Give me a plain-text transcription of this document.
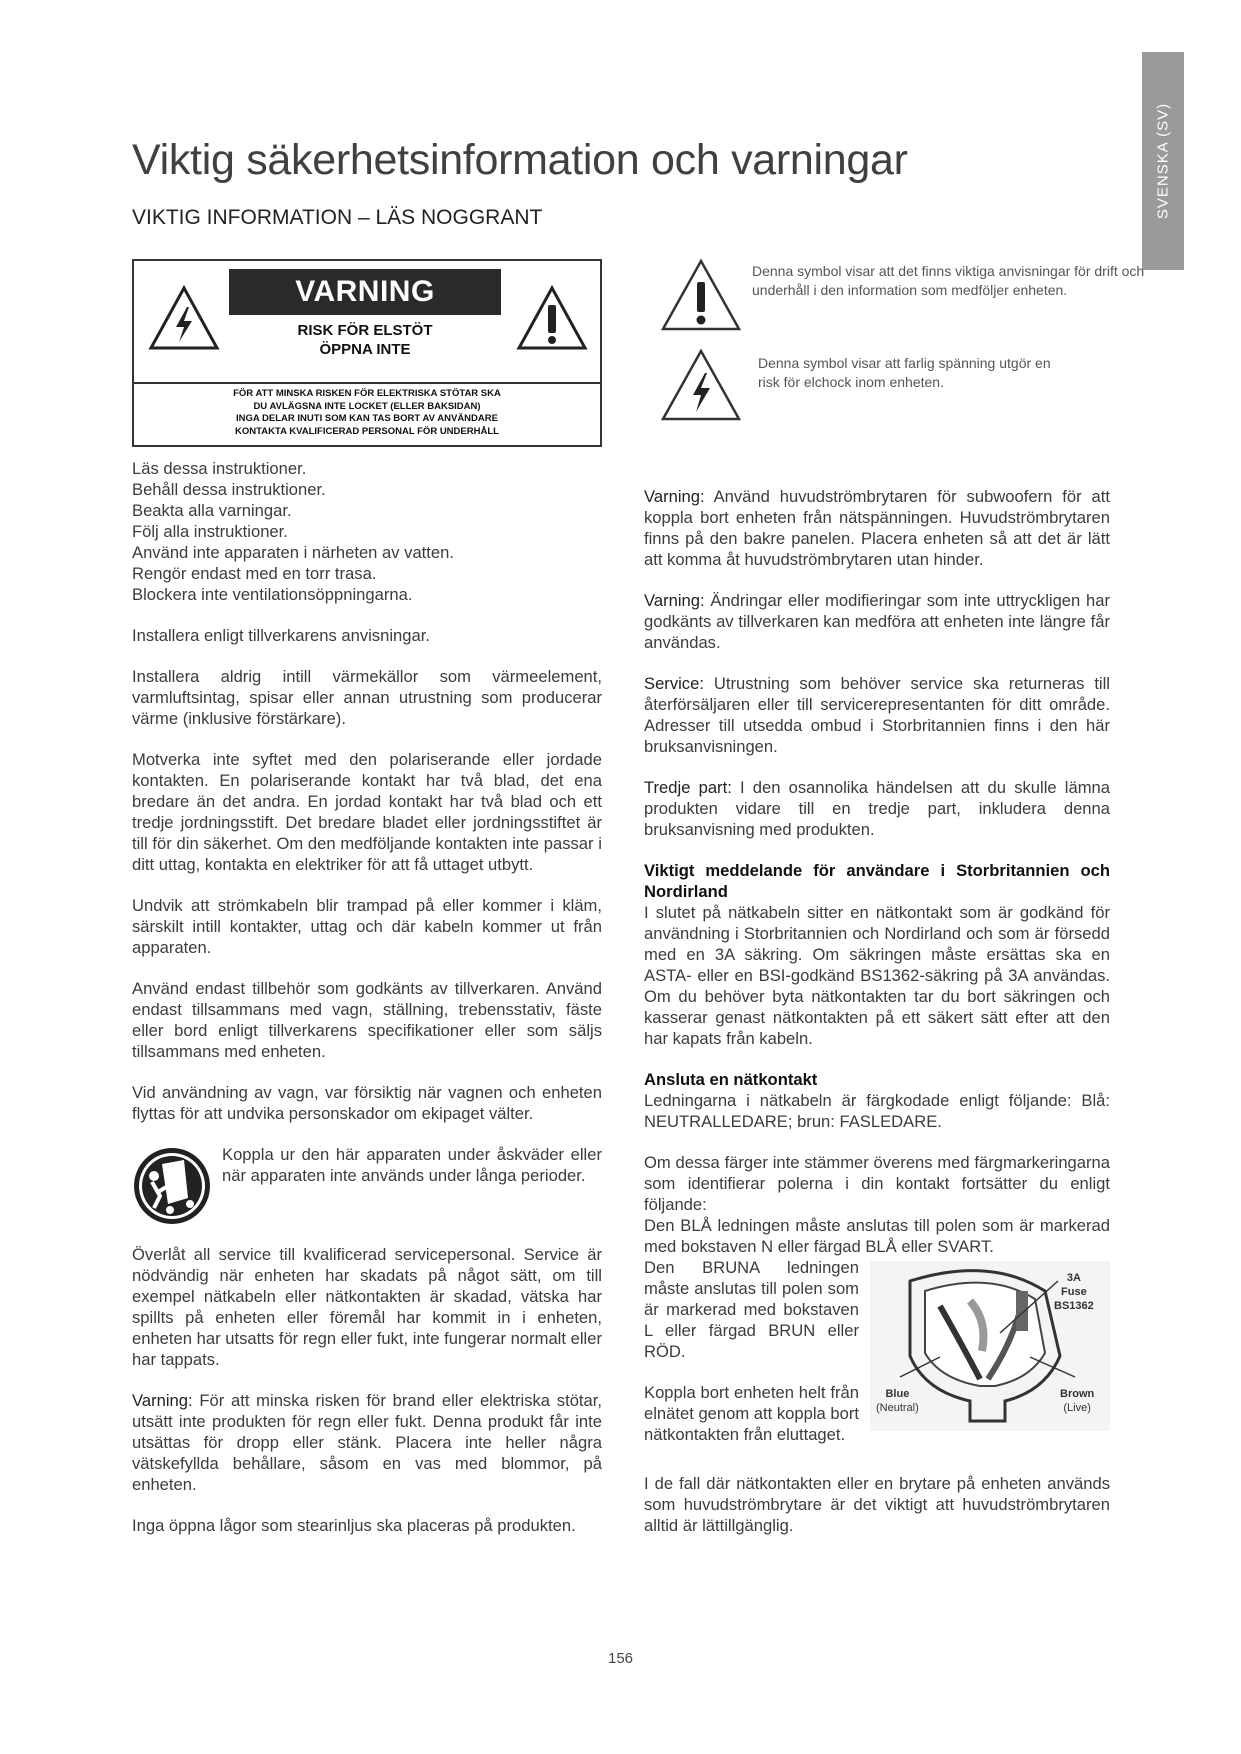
SVENSKA (SV)
Viktig säkerhetsinformation och varningar
VIKTIG INFORMATION – LÄS NOGGRANT
VARNING
RISK FÖR ELSTÖT
ÖPPNA INTE
FÖR ATT MINSKA RISKEN FÖR ELEKTRISKA STÖTAR SKA
DU AVLÄGSNA INTE LOCKET (ELLER BAKSIDAN)
INGA DELAR INUTI SOM KAN TAS BORT AV ANVÄNDARE
KONTAKTA KVALIFICERAD PERSONAL FÖR UNDERHÅLL

Denna symbol visar att det finns viktiga anvisningar för drift och underhåll i den information som medföljer enheten.

Denna symbol visar att farlig spänning utgör en risk för elchock inom enheten.

Läs dessa instruktioner.
Behåll dessa instruktioner.
Beakta alla varningar.
Följ alla instruktioner.
Använd inte apparaten i närheten av vatten.
Rengör endast med en torr trasa.
Blockera inte ventilationsöppningarna.

Installera enligt tillverkarens anvisningar.

Installera aldrig intill värmekällor som värmeelement, varmluftsintag, spisar eller annan utrustning som producerar värme (inklusive förstärkare).

Motverka inte syftet med den polariserande eller jordade kontakten. En polariserande kontakt har två blad, det ena bredare än det andra. En jordad kontakt har två blad och ett tredje jordningsstift. Det bredare bladet eller jordningsstiftet är till för din säkerhet. Om den medföljande kontakten inte passar i ditt uttag, kontakta en elektriker för att få uttaget utbytt.

Undvik att strömkabeln blir trampad på eller kommer i kläm, särskilt intill kontakter, uttag och där kabeln kommer ut från apparaten.

Använd endast tillbehör som godkänts av tillverkaren. Använd endast tillsammans med vagn, ställning, trebensstativ, fäste eller bord enligt tillverkarens specifikationer eller som säljs tillsammans med enheten.

Vid användning av vagn, var försiktig när vagnen och enheten flyttas för att undvika personskador om ekipaget välter.

Koppla ur den här apparaten under åskväder eller när apparaten inte används under långa perioder.

Överlåt all service till kvalificerad servicepersonal. Service är nödvändig när enheten har skadats på något sätt, om till exempel nätkabeln eller nätkontakten är skadad, vätska har spillts på enheten eller föremål har kommit in i enheten, enheten har utsatts för regn eller fukt, inte fungerar normalt eller har tappats.

Varning: För att minska risken för brand eller elektriska stötar, utsätt inte produkten för regn eller fukt. Denna produkt får inte utsättas för dropp eller stänk. Placera inte heller några vätskefyllda behållare, såsom en vas med blommor, på enheten.

Inga öppna lågor som stearinljus ska placeras på produkten.

Varning: Använd huvudströmbrytaren för subwoofern för att koppla bort enheten från nätspänningen. Huvudströmbrytaren finns på den bakre panelen. Placera enheten så att det är lätt att komma åt huvudströmbrytaren utan hinder.

Varning: Ändringar eller modifieringar som inte uttryckligen har godkänts av tillverkaren kan medföra att enheten inte längre får användas.

Service: Utrustning som behöver service ska returneras till återförsäljaren eller till servicerepresentanten för ditt område. Adresser till utsedda ombud i Storbritannien finns i den här bruksanvisningen.

Tredje part: I den osannolika händelsen att du skulle lämna produkten vidare till en tredje part, inkludera denna bruksanvisning med produkten.

Viktigt meddelande för användare i Storbritannien och Nordirland
I slutet på nätkabeln sitter en nätkontakt som är godkänd för användning i Storbritannien och Nordirland och som är försedd med en 3A säkring. Om säkringen måste ersättas ska en ASTA- eller en BSI-godkänd BS1362-säkring på 3A användas. Om du behöver byta nätkontakten tar du bort säkringen och kasserar genast nätkontakten på ett säkert sätt efter att den har kapats från kabeln.

Ansluta en nätkontakt
Ledningarna i nätkabeln är färgkodade enligt följande: Blå: NEUTRALLEDARE; brun: FASLEDARE.

Om dessa färger inte stämmer överens med färgmarkeringarna som identifierar polerna i din kontakt fortsätter du enligt följande:

Den BLÅ ledningen måste anslutas till polen som är markerad med bokstaven N eller färgad BLÅ eller SVART.

Den BRUNA ledningen måste anslutas till polen som är markerad med bokstaven L eller färgad BRUN eller RÖD.

Koppla bort enheten helt från elnätet genom att koppla bort nätkontakten från eluttaget.

3A
Fuse
BS1362
Blue
(Neutral)
Brown
(Live)

I de fall där nätkontakten eller en brytare på enheten används som huvudströmbrytare är det viktigt att huvudströmbrytaren alltid är lättillgänglig.

156
